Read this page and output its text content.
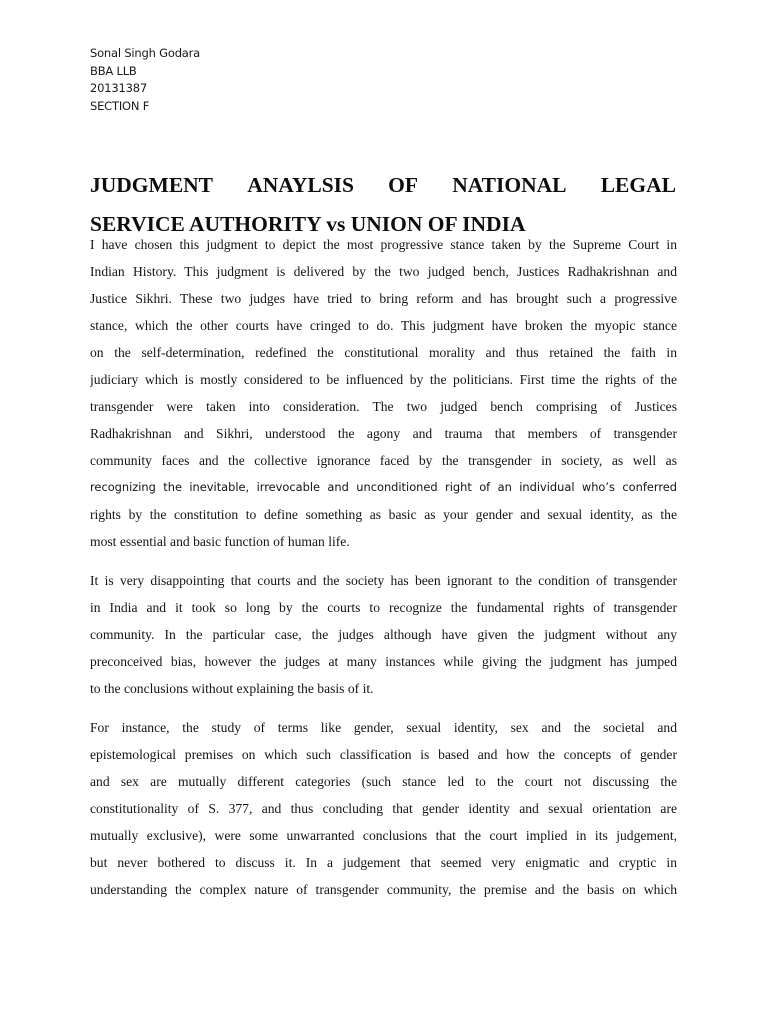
Sonal Singh Godara
BBA LLB
20131387
SECTION F
JUDGMENT ANAYLSIS OF NATIONAL LEGAL
SERVICE AUTHORITY vs UNION OF INDIA
I have chosen this judgment to depict the most progressive stance taken by the Supreme Court in
Indian History. This judgment is delivered by the two judged bench, Justices Radhakrishnan and
Justice Sikhri. These two judges have tried to bring reform and has brought such a progressive
stance, which the other courts have cringed to do. This judgment have broken the myopic stance
on the self-determination, redefined the constitutional morality and thus retained the faith in
judiciary which is mostly considered to be influenced by the politicians. First time the rights of the
transgender were taken into consideration. The two judged bench comprising of Justices
Radhakrishnan and Sikhri, understood the agony and trauma that members of transgender
community faces and the collective ignorance faced by the transgender in society, as well as
recognizing the inevitable, irrevocable and unconditioned right of an individual who’s conferred
rights by the constitution to define something as basic as your gender and sexual identity, as the
most essential and basic function of human life.
It is very disappointing that courts and the society has been ignorant to the condition of transgender
in India and it took so long by the courts to recognize the fundamental rights of transgender
community. In the particular case, the judges although have given the judgment without any
preconceived bias, however the judges at many instances while giving the judgment has jumped
to the conclusions without explaining the basis of it.
For instance, the study of terms like gender, sexual identity, sex and the societal and
epistemological premises on which such classification is based and how the concepts of gender
and sex are mutually different categories (such stance led to the court not discussing the
constitutionality of S. 377, and thus concluding that gender identity and sexual orientation are
mutually exclusive), were some unwarranted conclusions that the court implied in its judgement,
but never bothered to discuss it. In a judgement that seemed very enigmatic and cryptic in
understanding the complex nature of transgender community, the premise and the basis on which
